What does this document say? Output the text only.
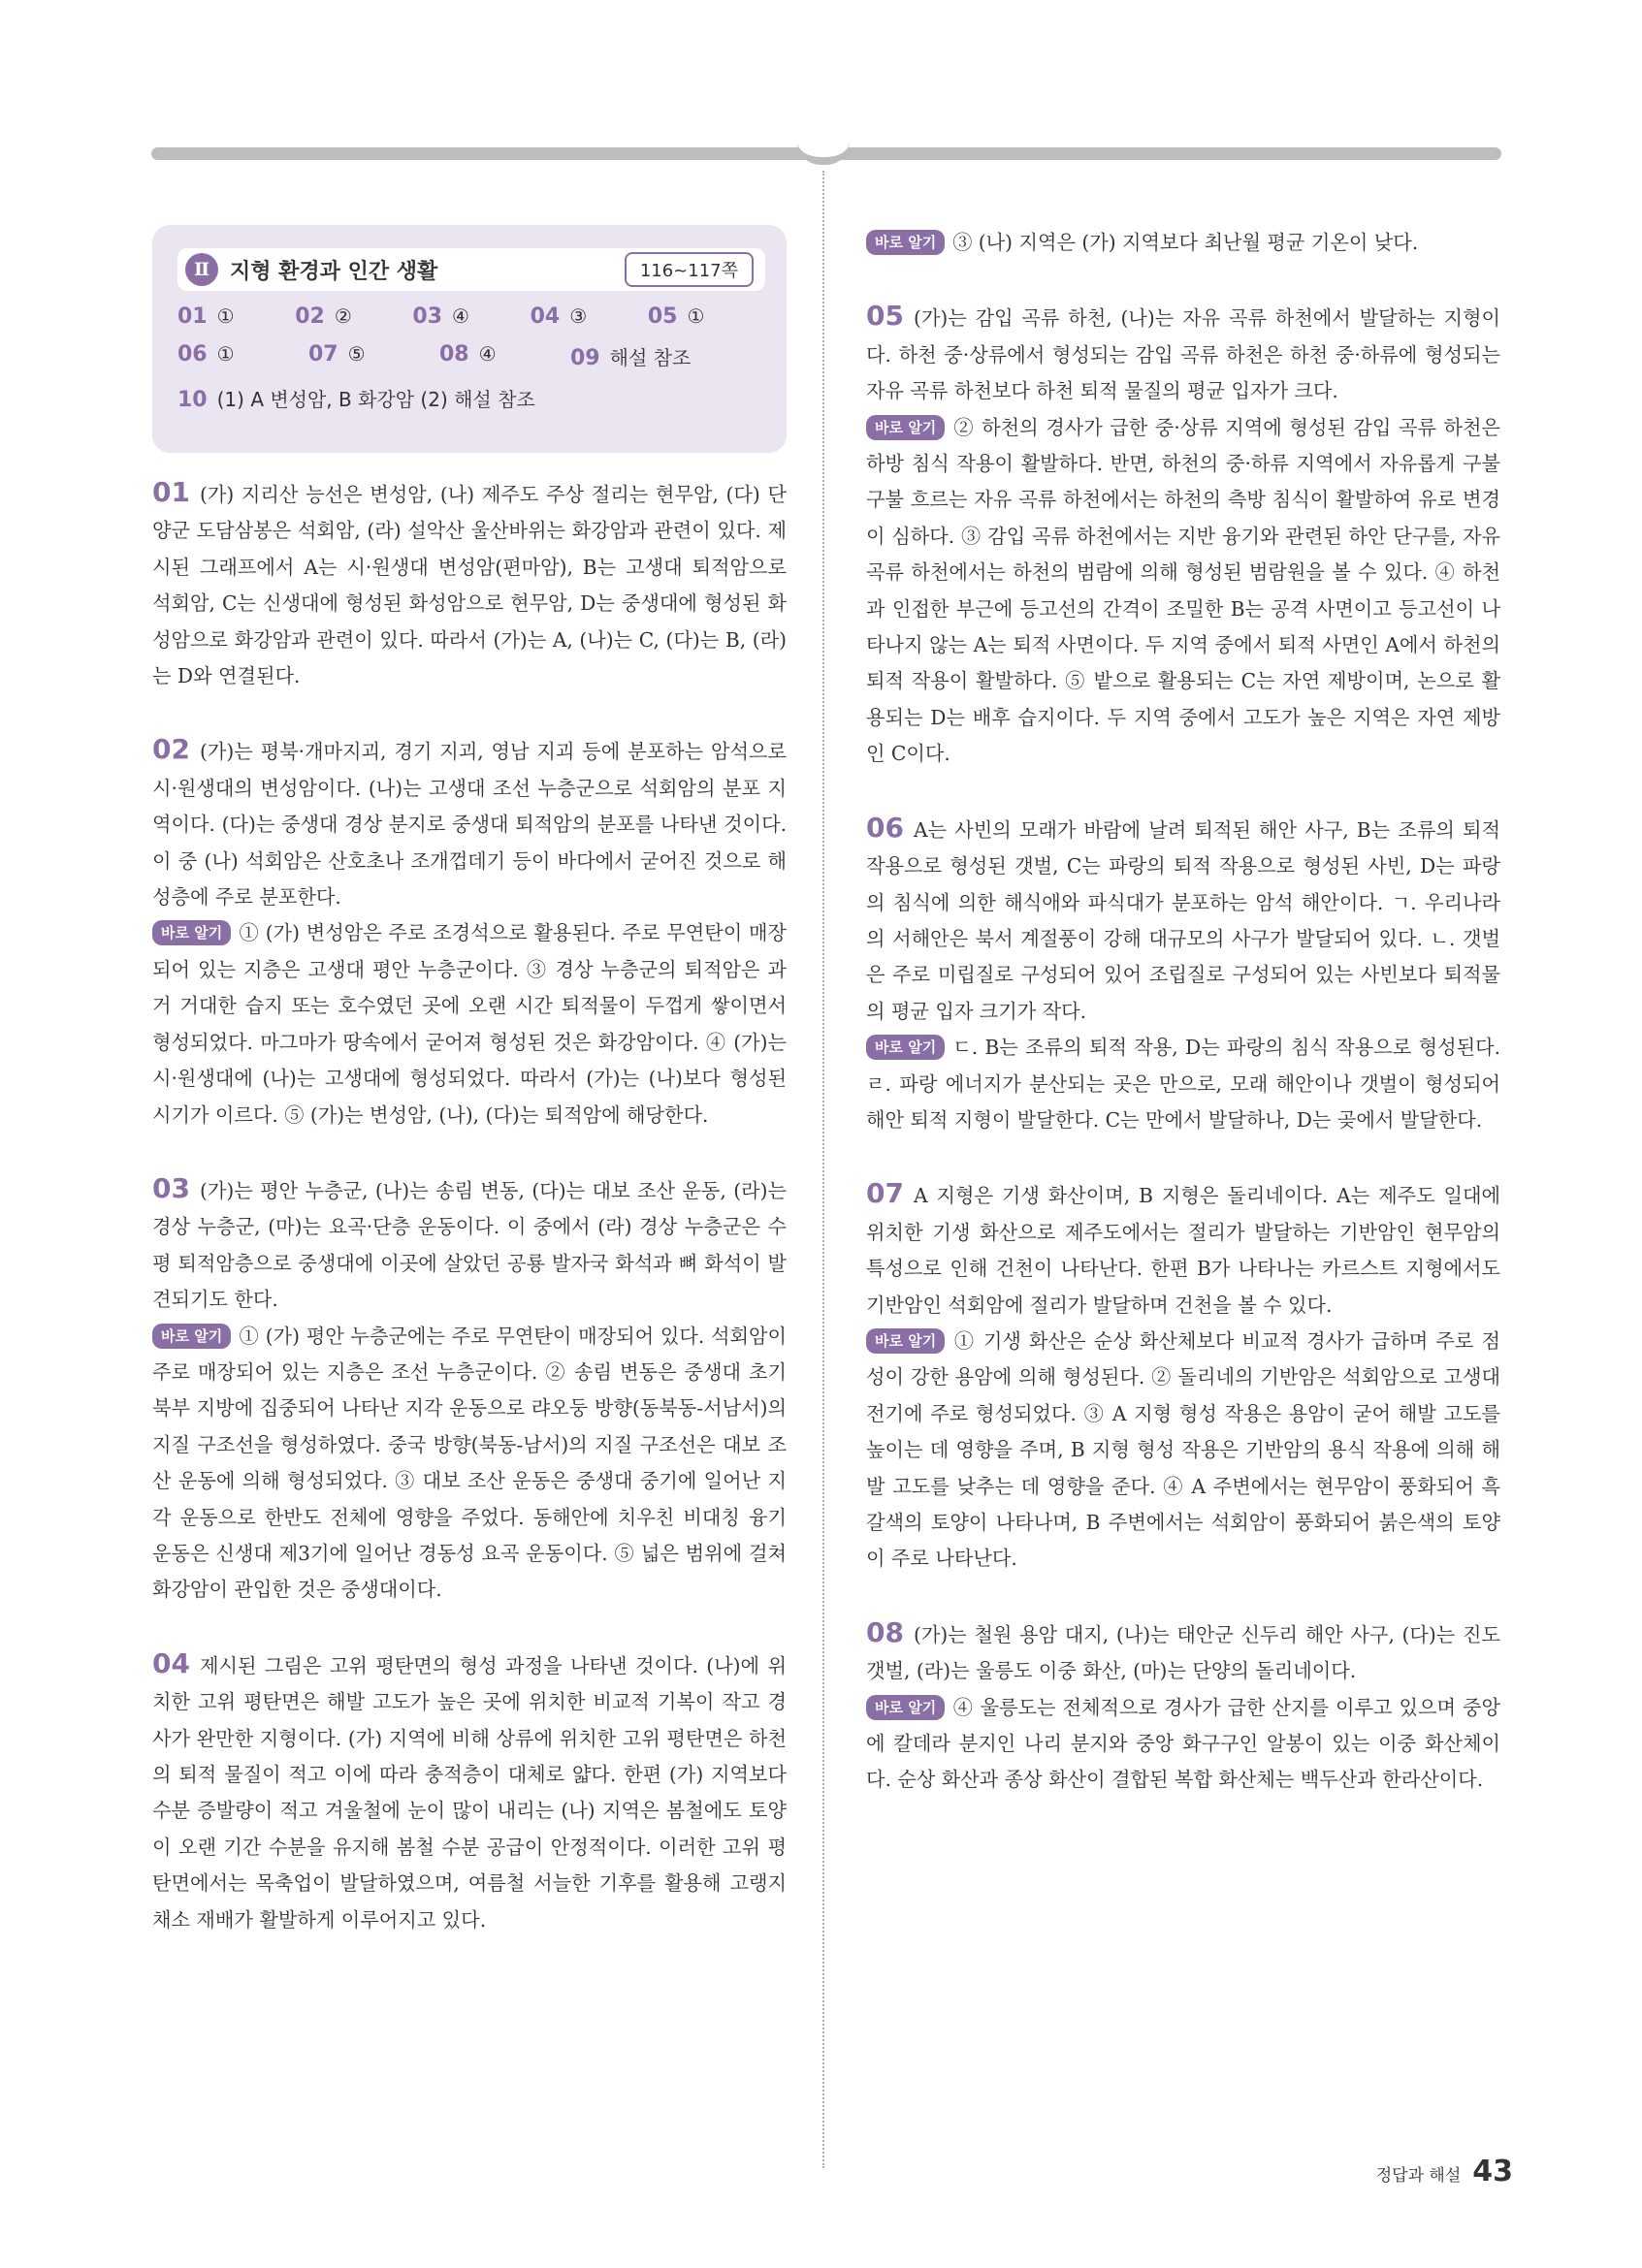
Ⅱ 지형 환경과 인간 생활	116~117쪽
01 ①	02 ②	03 ④	04 ③	05 ①
06 ①	07 ⑤	08 ④	09 해설 참조
10 (1) A 변성암, B 화강암 (2) 해설 참조

01 (가) 지리산 능선은 변성암, (나) 제주도 주상 절리는 현무암, (다) 단양군 도담삼봉은 석회암, (라) 설악산 울산바위는 화강암과 관련이 있다. 제시된 그래프에서 A는 시·원생대 변성암(편마암), B는 고생대 퇴적암으로 석회암, C는 신생대에 형성된 화성암으로 현무암, D는 중생대에 형성된 화성암으로 화강암과 관련이 있다. 따라서 (가)는 A, (나)는 C, (다)는 B, (라)는 D와 연결된다.

02 (가)는 평북·개마지괴, 경기 지괴, 영남 지괴 등에 분포하는 암석으로 시·원생대의 변성암이다. (나)는 고생대 조선 누층군으로 석회암의 분포 지역이다. (다)는 중생대 경상 분지로 중생대 퇴적암의 분포를 나타낸 것이다. 이 중 (나) 석회암은 산호초나 조개껍데기 등이 바다에서 굳어진 것으로 해성층에 주로 분포한다.

바로 알기 ① (가) 변성암은 주로 조경석으로 활용된다. 주로 무연탄이 매장되어 있는 지층은 고생대 평안 누층군이다. ③ 경상 누층군의 퇴적암은 과거 거대한 습지 또는 호수였던 곳에 오랜 시간 퇴적물이 두껍게 쌓이면서 형성되었다. 마그마가 땅속에서 굳어져 형성된 것은 화강암이다. ④ (가)는 시·원생대에 (나)는 고생대에 형성되었다. 따라서 (가)는 (나)보다 형성된 시기가 이르다. ⑤ (가)는 변성암, (나), (다)는 퇴적암에 해당한다.

03 (가)는 평안 누층군, (나)는 송림 변동, (다)는 대보 조산 운동, (라)는 경상 누층군, (마)는 요곡·단층 운동이다. 이 중에서 (라) 경상 누층군은 수평 퇴적암층으로 중생대에 이곳에 살았던 공룡 발자국 화석과 뼈 화석이 발견되기도 한다.

바로 알기 ① (가) 평안 누층군에는 주로 무연탄이 매장되어 있다. 석회암이 주로 매장되어 있는 지층은 조선 누층군이다. ② 송림 변동은 중생대 초기 북부 지방에 집중되어 나타난 지각 운동으로 랴오둥 방향(동북동-서남서)의 지질 구조선을 형성하였다. 중국 방향(북동-남서)의 지질 구조선은 대보 조산 운동에 의해 형성되었다. ③ 대보 조산 운동은 중생대 중기에 일어난 지각 운동으로 한반도 전체에 영향을 주었다. 동해안에 치우친 비대칭 융기 운동은 신생대 제3기에 일어난 경동성 요곡 운동이다. ⑤ 넓은 범위에 걸쳐 화강암이 관입한 것은 중생대이다.

04 제시된 그림은 고위 평탄면의 형성 과정을 나타낸 것이다. (나)에 위치한 고위 평탄면은 해발 고도가 높은 곳에 위치한 비교적 기복이 작고 경사가 완만한 지형이다. (가) 지역에 비해 상류에 위치한 고위 평탄면은 하천의 퇴적 물질이 적고 이에 따라 충적층이 대체로 얇다. 한편 (가) 지역보다 수분 증발량이 적고 겨울철에 눈이 많이 내리는 (나) 지역은 봄철에도 토양이 오랜 기간 수분을 유지해 봄철 수분 공급이 안정적이다. 이러한 고위 평탄면에서는 목축업이 발달하였으며, 여름철 서늘한 기후를 활용해 고랭지 채소 재배가 활발하게 이루어지고 있다.

바로 알기 ③ (나) 지역은 (가) 지역보다 최난월 평균 기온이 낮다.

05 (가)는 감입 곡류 하천, (나)는 자유 곡류 하천에서 발달하는 지형이다. 하천 중·상류에서 형성되는 감입 곡류 하천은 하천 중·하류에 형성되는 자유 곡류 하천보다 하천 퇴적 물질의 평균 입자가 크다.

바로 알기 ② 하천의 경사가 급한 중·상류 지역에 형성된 감입 곡류 하천은 하방 침식 작용이 활발하다. 반면, 하천의 중·하류 지역에서 자유롭게 구불구불 흐르는 자유 곡류 하천에서는 하천의 측방 침식이 활발하여 유로 변경이 심하다. ③ 감입 곡류 하천에서는 지반 융기와 관련된 하안 단구를, 자유 곡류 하천에서는 하천의 범람에 의해 형성된 범람원을 볼 수 있다. ④ 하천과 인접한 부근에 등고선의 간격이 조밀한 B는 공격 사면이고 등고선이 나타나지 않는 A는 퇴적 사면이다. 두 지역 중에서 퇴적 사면인 A에서 하천의 퇴적 작용이 활발하다. ⑤ 밭으로 활용되는 C는 자연 제방이며, 논으로 활용되는 D는 배후 습지이다. 두 지역 중에서 고도가 높은 지역은 자연 제방인 C이다.

06 A는 사빈의 모래가 바람에 날려 퇴적된 해안 사구, B는 조류의 퇴적 작용으로 형성된 갯벌, C는 파랑의 퇴적 작용으로 형성된 사빈, D는 파랑의 침식에 의한 해식애와 파식대가 분포하는 암석 해안이다. ㄱ. 우리나라의 서해안은 북서 계절풍이 강해 대규모의 사구가 발달되어 있다. ㄴ. 갯벌은 주로 미립질로 구성되어 있어 조립질로 구성되어 있는 사빈보다 퇴적물의 평균 입자 크기가 작다.

바로 알기 ㄷ. B는 조류의 퇴적 작용, D는 파랑의 침식 작용으로 형성된다. ㄹ. 파랑 에너지가 분산되는 곳은 만으로, 모래 해안이나 갯벌이 형성되어 해안 퇴적 지형이 발달한다. C는 만에서 발달하나, D는 곶에서 발달한다.

07 A 지형은 기생 화산이며, B 지형은 돌리네이다. A는 제주도 일대에 위치한 기생 화산으로 제주도에서는 절리가 발달하는 기반암인 현무암의 특성으로 인해 건천이 나타난다. 한편 B가 나타나는 카르스트 지형에서도 기반암인 석회암에 절리가 발달하며 건천을 볼 수 있다.

바로 알기 ① 기생 화산은 순상 화산체보다 비교적 경사가 급하며 주로 점성이 강한 용암에 의해 형성된다. ② 돌리네의 기반암은 석회암으로 고생대 전기에 주로 형성되었다. ③ A 지형 형성 작용은 용암이 굳어 해발 고도를 높이는 데 영향을 주며, B 지형 형성 작용은 기반암의 용식 작용에 의해 해발 고도를 낮추는 데 영향을 준다. ④ A 주변에서는 현무암이 풍화되어 흑갈색의 토양이 나타나며, B 주변에서는 석회암이 풍화되어 붉은색의 토양이 주로 나타난다.

08 (가)는 철원 용암 대지, (나)는 태안군 신두리 해안 사구, (다)는 진도 갯벌, (라)는 울릉도 이중 화산, (마)는 단양의 돌리네이다.

바로 알기 ④ 울릉도는 전체적으로 경사가 급한 산지를 이루고 있으며 중앙에 칼데라 분지인 나리 분지와 중앙 화구구인 알봉이 있는 이중 화산체이다. 순상 화산과 종상 화산이 결합된 복합 화산체는 백두산과 한라산이다.

정답과 해설 43
